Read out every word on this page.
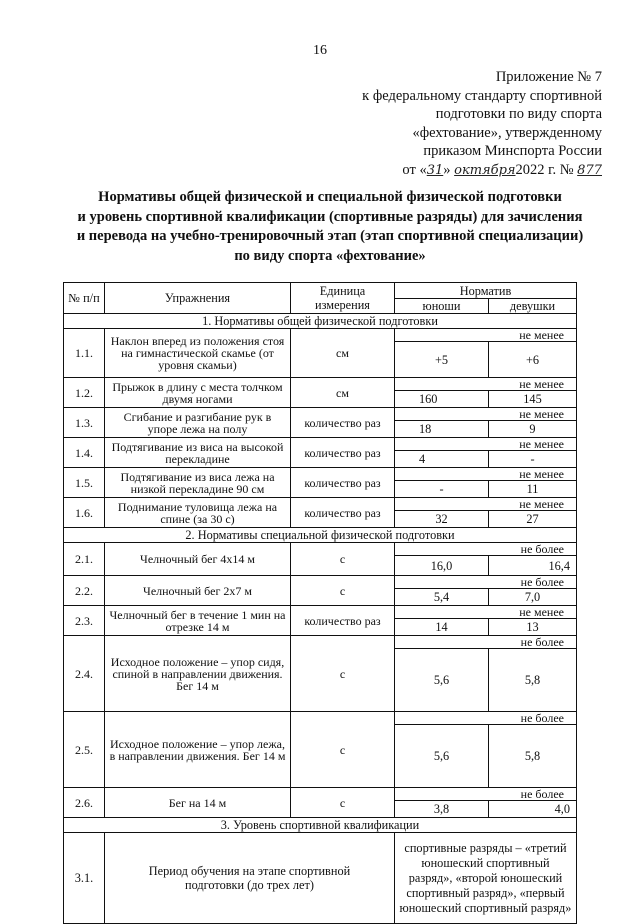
16
Приложение № 7
к федеральному стандарту спортивной
подготовки по виду спорта
«фехтование», утвержденному
приказом Минспорта России
от «31» октября2022 г. № 877
Нормативы общей физической и специальной физической подготовки
и уровень спортивной квалификации (спортивные разряды) для зачисления
и перевода на учебно-тренировочный этап (этап спортивной специализации)
по виду спорта «фехтование»
№ п/п	Упражнения	Единица измерения	Норматив	
			юноши	девушки
1. Нормативы общей физической подготовки				
1.1.	Наклон вперед из положения стоя на гимнастической скамье (от уровня скамьи)	см	не менее	
			+5	+6
1.2.	Прыжок в длину с места толчком двумя ногами	см	не менее	
			160	145
1.3.	Сгибание и разгибание рук в упоре лежа на полу	количество раз	не менее	
			18	9
1.4.	Подтягивание из виса на высокой перекладине	количество раз	не менее	
			4	-
1.5.	Подтягивание из виса лежа на низкой перекладине 90 см	количество раз	не менее	
			-	11
1.6.	Поднимание туловища лежа на спине (за 30 с)	количество раз	не менее	
			32	27
2. Нормативы специальной физической подготовки				
2.1.	Челночный бег 4х14 м	с	не более	
			16,0	16,4
2.2.	Челночный бег 2х7 м	с	не более	
			5,4	7,0
2.3.	Челночный бег в течение 1 мин на отрезке 14 м	количество раз	не менее	
			14	13
2.4.	Исходное положение – упор сидя, спиной в направлении движения. Бег 14 м	с	не более	
			5,6	5,8
2.5.	Исходное положение – упор лежа, в направлении движения. Бег 14 м	с	не более	
			5,6	5,8
2.6.	Бег на 14 м	с	не более	
			3,8	4,0
3. Уровень спортивной квалификации				
3.1.	Период обучения на этапе спортивной подготовки (до трех лет)		спортивные разряды – «третий юношеский спортивный разряд», «второй юношеский спортивный разряд», «первый юношеский спортивный разряд»	
